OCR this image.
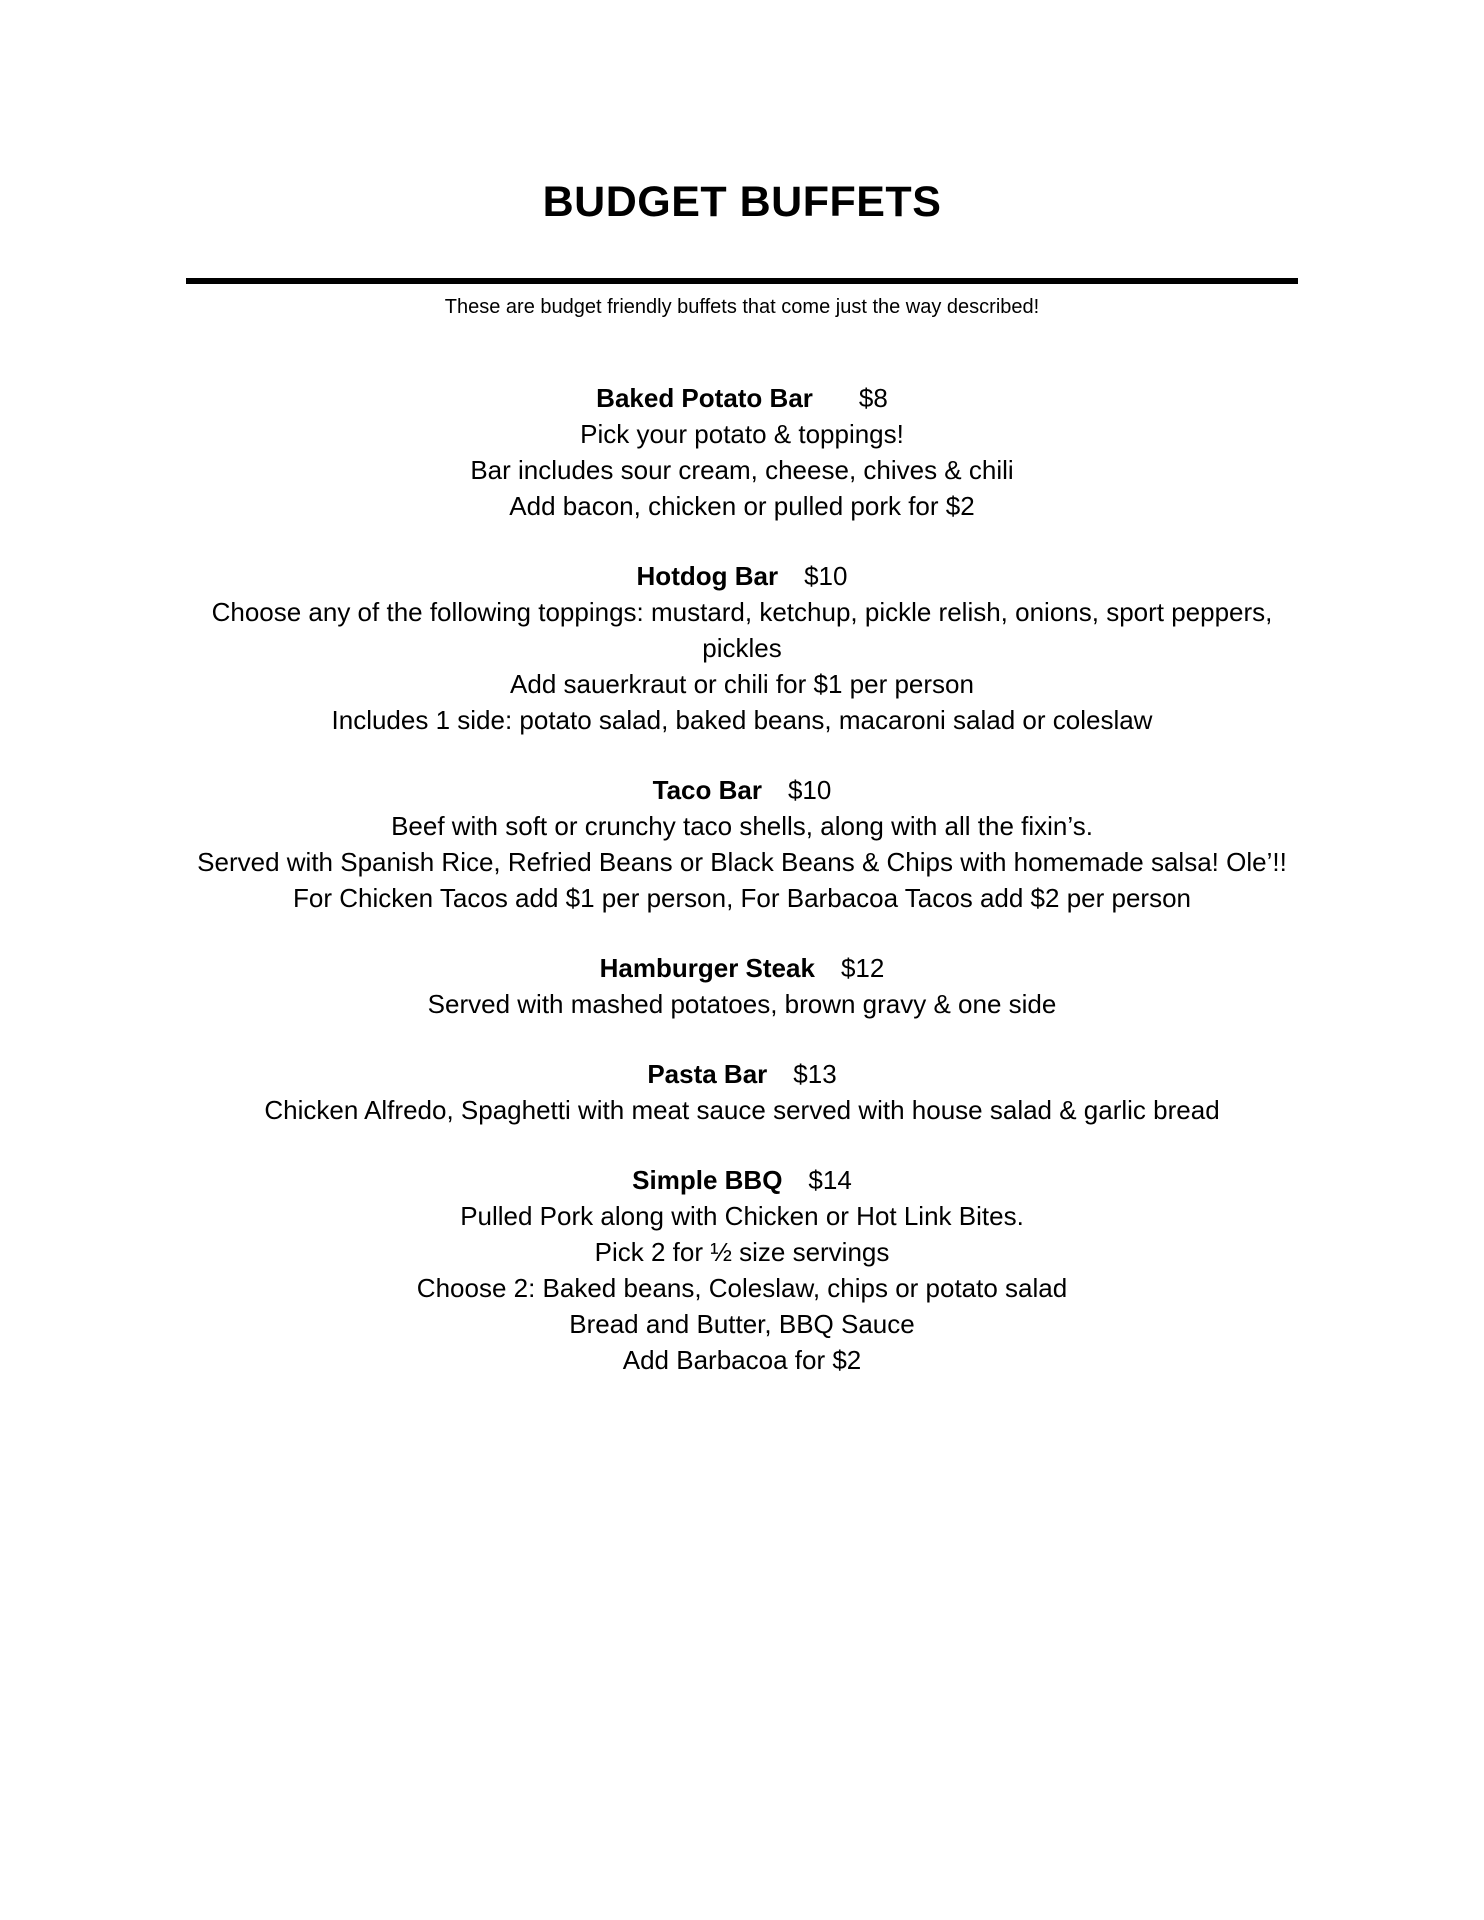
BUDGET BUFFETS
These are budget friendly buffets that come just the way described!
Baked Potato Bar $8
Pick your potato & toppings!
Bar includes sour cream, cheese, chives & chili
Add bacon, chicken or pulled pork for $2
Hotdog Bar $10
Choose any of the following toppings: mustard, ketchup, pickle relish, onions, sport peppers,
pickles
Add sauerkraut or chili for $1 per person
Includes 1 side: potato salad, baked beans, macaroni salad or coleslaw
Taco Bar $10
Beef with soft or crunchy taco shells, along with all the fixin’s.
Served with Spanish Rice, Refried Beans or Black Beans & Chips with homemade salsa! Ole’!!
For Chicken Tacos add $1 per person, For Barbacoa Tacos add $2 per person
Hamburger Steak $12
Served with mashed potatoes, brown gravy & one side
Pasta Bar $13
Chicken Alfredo, Spaghetti with meat sauce served with house salad & garlic bread
Simple BBQ $14
Pulled Pork along with Chicken or Hot Link Bites.
Pick 2 for ½ size servings
Choose 2: Baked beans, Coleslaw, chips or potato salad
Bread and Butter, BBQ Sauce
Add Barbacoa for $2
